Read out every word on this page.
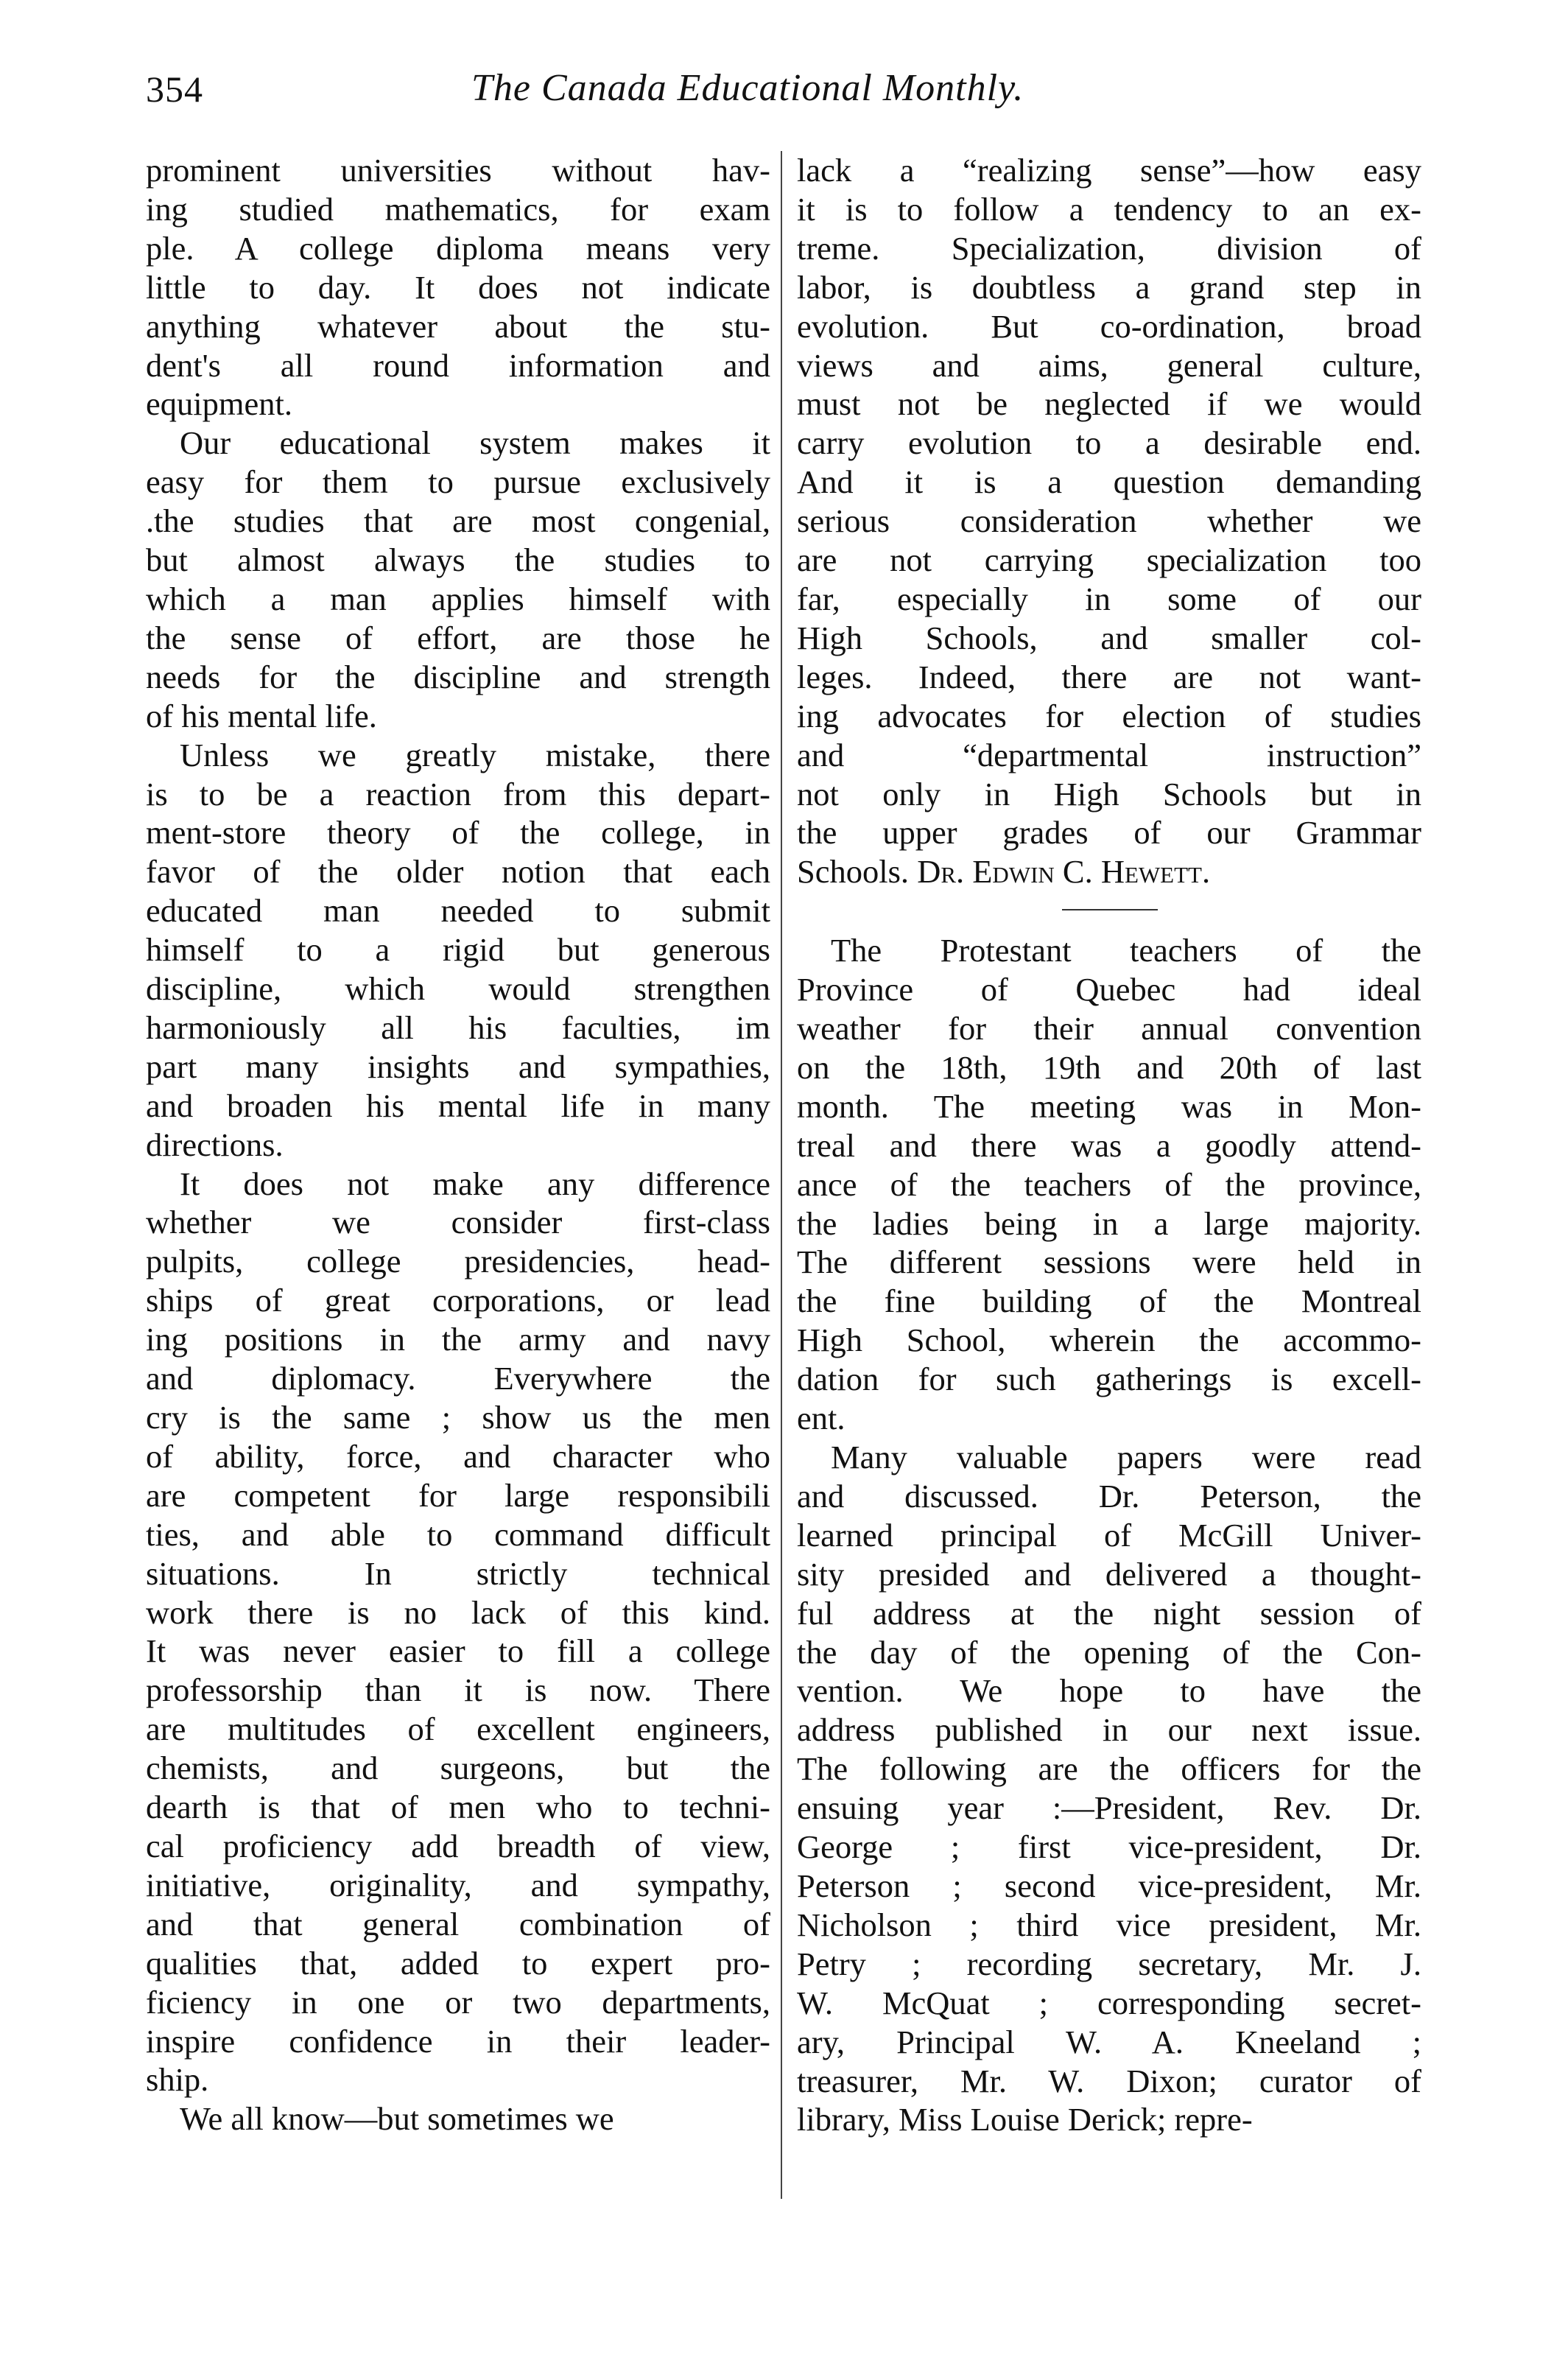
354	The Canada Educational Monthly.
prominent universities without hav-
ing studied mathematics, for exam
ple. A college diploma means very
little to day. It does not indicate
anything whatever about the stu-
dent's all round information and
equipment.
Our educational system makes it
easy for them to pursue exclusively
.the studies that are most congenial,
but almost always the studies to
which a man applies himself with
the sense of effort, are those he
needs for the discipline and strength
of his mental life.
Unless we greatly mistake, there
is to be a reaction from this depart-
ment-store theory of the college, in
favor of the older notion that each
educated man needed to submit
himself to a rigid but generous
discipline, which would strengthen
harmoniously all his faculties, im
part many insights and sympathies,
and broaden his mental life in many
directions.
It does not make any difference
whether we consider first-class
pulpits, college presidencies, head-
ships of great corporations, or lead
ing positions in the army and navy
and diplomacy. Everywhere the
cry is the same ; show us the men
of ability, force, and character who
are competent for large responsibili
ties, and able to command difficult
situations. In strictly technical
work there is no lack of this kind.
It was never easier to fill a college
professorship than it is now. There
are multitudes of excellent engineers,
chemists, and surgeons, but the
dearth is that of men who to techni-
cal proficiency add breadth of view,
initiative, originality, and sympathy,
and that general combination of
qualities that, added to expert pro-
ficiency in one or two departments,
inspire confidence in their leader-
ship.
We all know—but sometimes we
lack a “realizing sense”—how easy
it is to follow a tendency to an ex-
treme. Specialization, division of
labor, is doubtless a grand step in
evolution. But co-ordination, broad
views and aims, general culture,
must not be neglected if we would
carry evolution to a desirable end.
And it is a question demanding
serious consideration whether we
are not carrying specialization too
far, especially in some of our
High Schools, and smaller col-
leges. Indeed, there are not want-
ing advocates for election of studies
and “departmental instruction”
not only in High Schools but in
the upper grades of our Grammar
Schools. Dr. Edwin C. Hewett.
The Protestant teachers of the
Province of Quebec had ideal
weather for their annual convention
on the 18th, 19th and 20th of last
month. The meeting was in Mon-
treal and there was a goodly attend-
ance of the teachers of the province,
the ladies being in a large majority.
The different sessions were held in
the fine building of the Montreal
High School, wherein the accommo-
dation for such gatherings is excell-
ent.
Many valuable papers were read
and discussed. Dr. Peterson, the
learned principal of McGill Univer-
sity presided and delivered a thought-
ful address at the night session of
the day of the opening of the Con-
vention. We hope to have the
address published in our next issue.
The following are the officers for the
ensuing year :—President, Rev. Dr.
George ; first vice-president, Dr.
Peterson ; second vice-president, Mr.
Nicholson ; third vice president, Mr.
Petry ; recording secretary, Mr. J.
W. McQuat ; corresponding secret-
ary, Principal W. A. Kneeland ;
treasurer, Mr. W. Dixon; curator of
library, Miss Louise Derick; repre-
